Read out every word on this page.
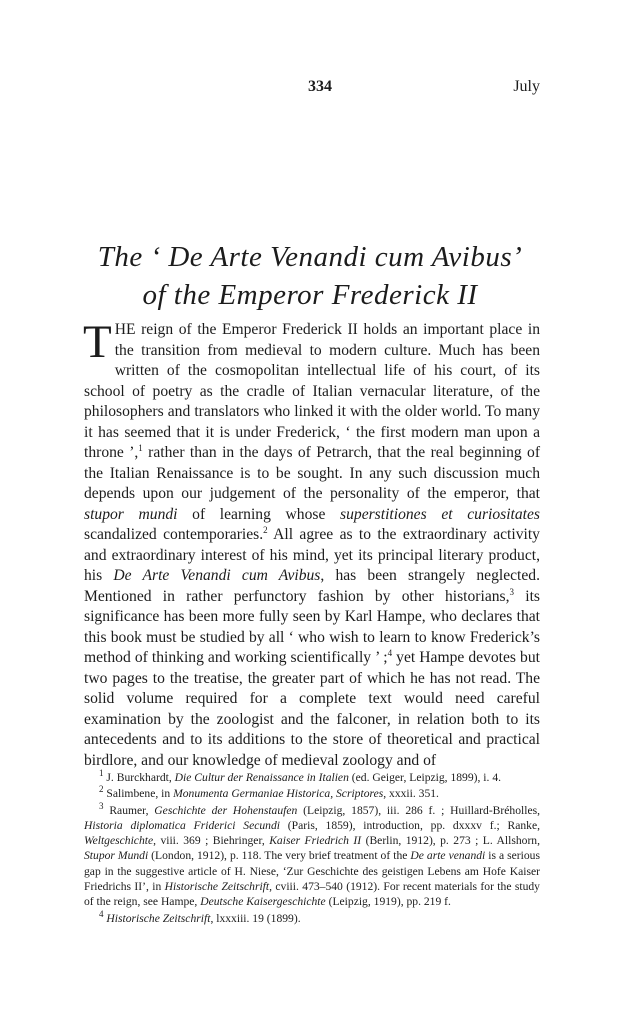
334	July
The ‘ De Arte Venandi cum Avibus’
of the Emperor Frederick II

THE reign of the Emperor Frederick II holds an important place in the transition from medieval to modern culture. Much has been written of the cosmopolitan intellectual life of his court, of its school of poetry as the cradle of Italian vernacular literature, of the philosophers and translators who linked it with the older world. To many it has seemed that it is under Frederick, ‘ the first modern man upon a throne ’,$^1$ rather than in the days of Petrarch, that the real beginning of the Italian Renaissance is to be sought. In any such discussion much depends upon our judgement of the personality of the emperor, that stupor mundi of learning whose superstitiones et curiositates scandalized contemporaries.$^2$ All agree as to the extraordinary activity and extraordinary interest of his mind, yet its principal literary product, his De Arte Venandi cum Avibus, has been strangely neglected. Mentioned in rather perfunctory fashion by other historians,$^3$ its significance has been more fully seen by Karl Hampe, who declares that this book must be studied by all ‘ who wish to learn to know Frederick’s method of thinking and working scientifically ’ ;$^4$ yet Hampe devotes but two pages to the treatise, the greater part of which he has not read. The solid volume required for a complete text would need careful examination by the zoologist and the falconer, in relation both to its antecedents and to its additions to the store of theoretical and practical birdlore, and our knowledge of medieval zoology and of

$^1$ J. Burckhardt, Die Cultur der Renaissance in Italien (ed. Geiger, Leipzig, 1899), i. 4.

$^2$ Salimbene, in Monumenta Germaniae Historica, Scriptores, xxxii. 351.

$^3$ Raumer, Geschichte der Hohenstaufen (Leipzig, 1857), iii. 286 f. ; Huillard-Bréholles, Historia diplomatica Friderici Secundi (Paris, 1859), introduction, pp. dxxxv f.; Ranke, Weltgeschichte, viii. 369 ; Biehringer, Kaiser Friedrich II (Berlin, 1912), p. 273 ; L. Allshorn, Stupor Mundi (London, 1912), p. 118. The very brief treatment of the De arte venandi is a serious gap in the suggestive article of H. Niese, ‘Zur Geschichte des geistigen Lebens am Hofe Kaiser Friedrichs II’, in Historische Zeitschrift, cviii. 473–540 (1912). For recent materials for the study of the reign, see Hampe, Deutsche Kaisergeschichte (Leipzig, 1919), pp. 219 f.

$^4$ Historische Zeitschrift, lxxxiii. 19 (1899).
